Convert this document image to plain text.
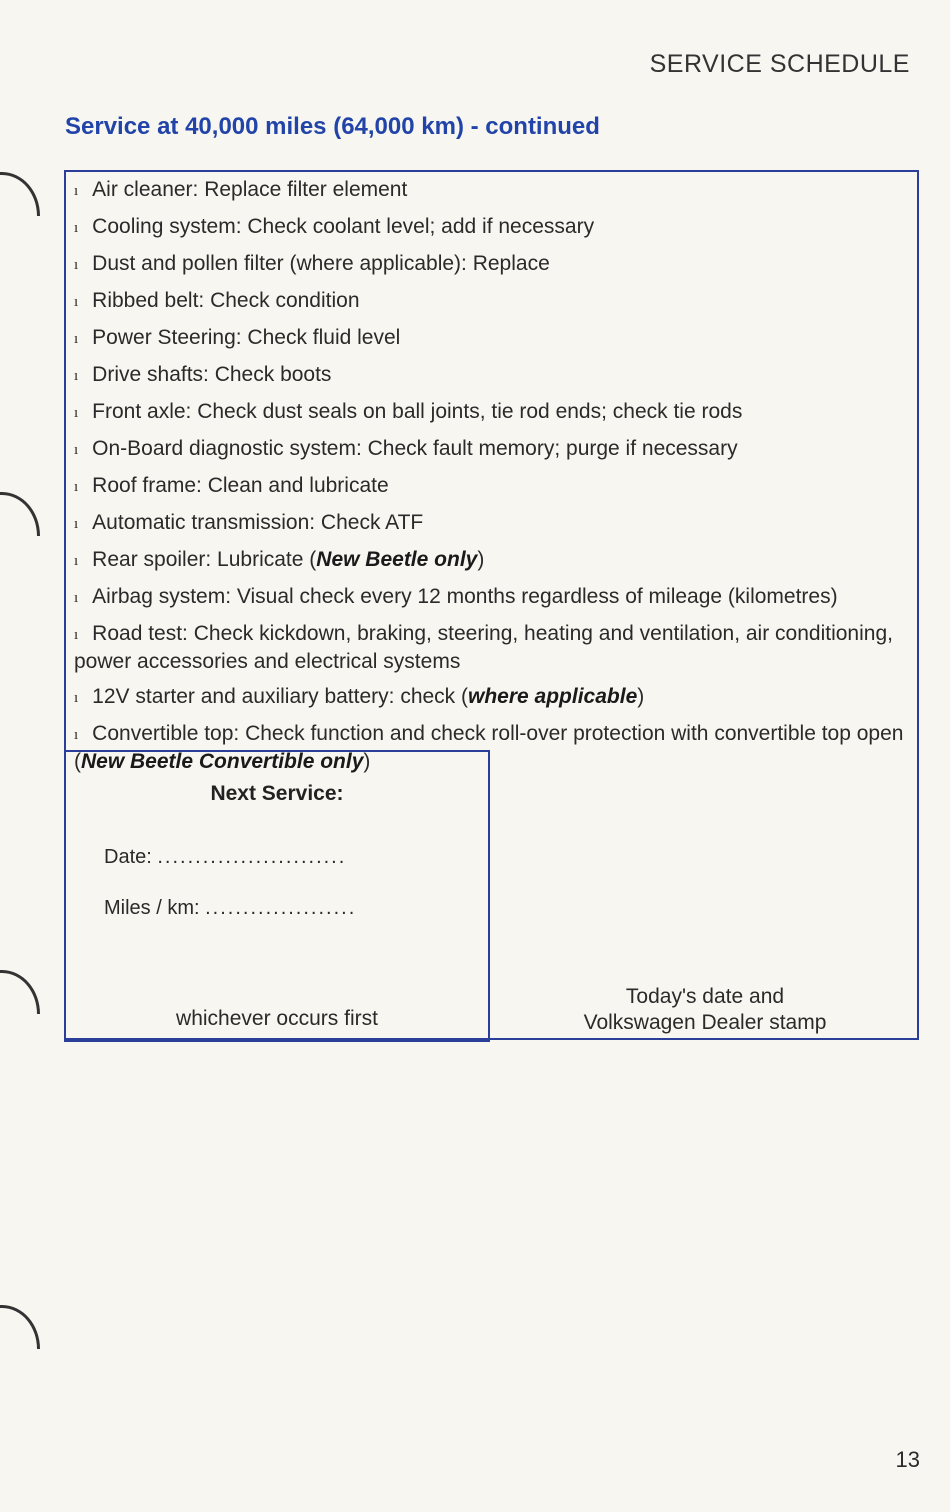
SERVICE SCHEDULE
Service at 40,000 miles (64,000 km) - continued
ı Air cleaner: Replace filter element
ı Cooling system: Check coolant level; add if necessary
ı Dust and pollen filter (where applicable): Replace
ı Ribbed belt: Check condition
ı Power Steering: Check fluid level
ı Drive shafts: Check boots
ı Front axle: Check dust seals on ball joints, tie rod ends; check tie rods
ı On-Board diagnostic system: Check fault memory; purge if necessary
ı Roof frame: Clean and lubricate
ı Automatic transmission: Check ATF
ı Rear spoiler: Lubricate (New Beetle only)
ı Airbag system: Visual check every 12 months regardless of mileage (kilometres)
ı Road test: Check kickdown, braking, steering, heating and ventilation, air conditioning, power accessories and electrical systems
ı 12V starter and auxiliary battery: check (where applicable)
ı Convertible top: Check function and check roll-over protection with convertible top open (New Beetle Convertible only)
Next Service:
Date: .........................
Miles / km: ....................
whichever occurs first
Today's date and
Volkswagen Dealer stamp
13
